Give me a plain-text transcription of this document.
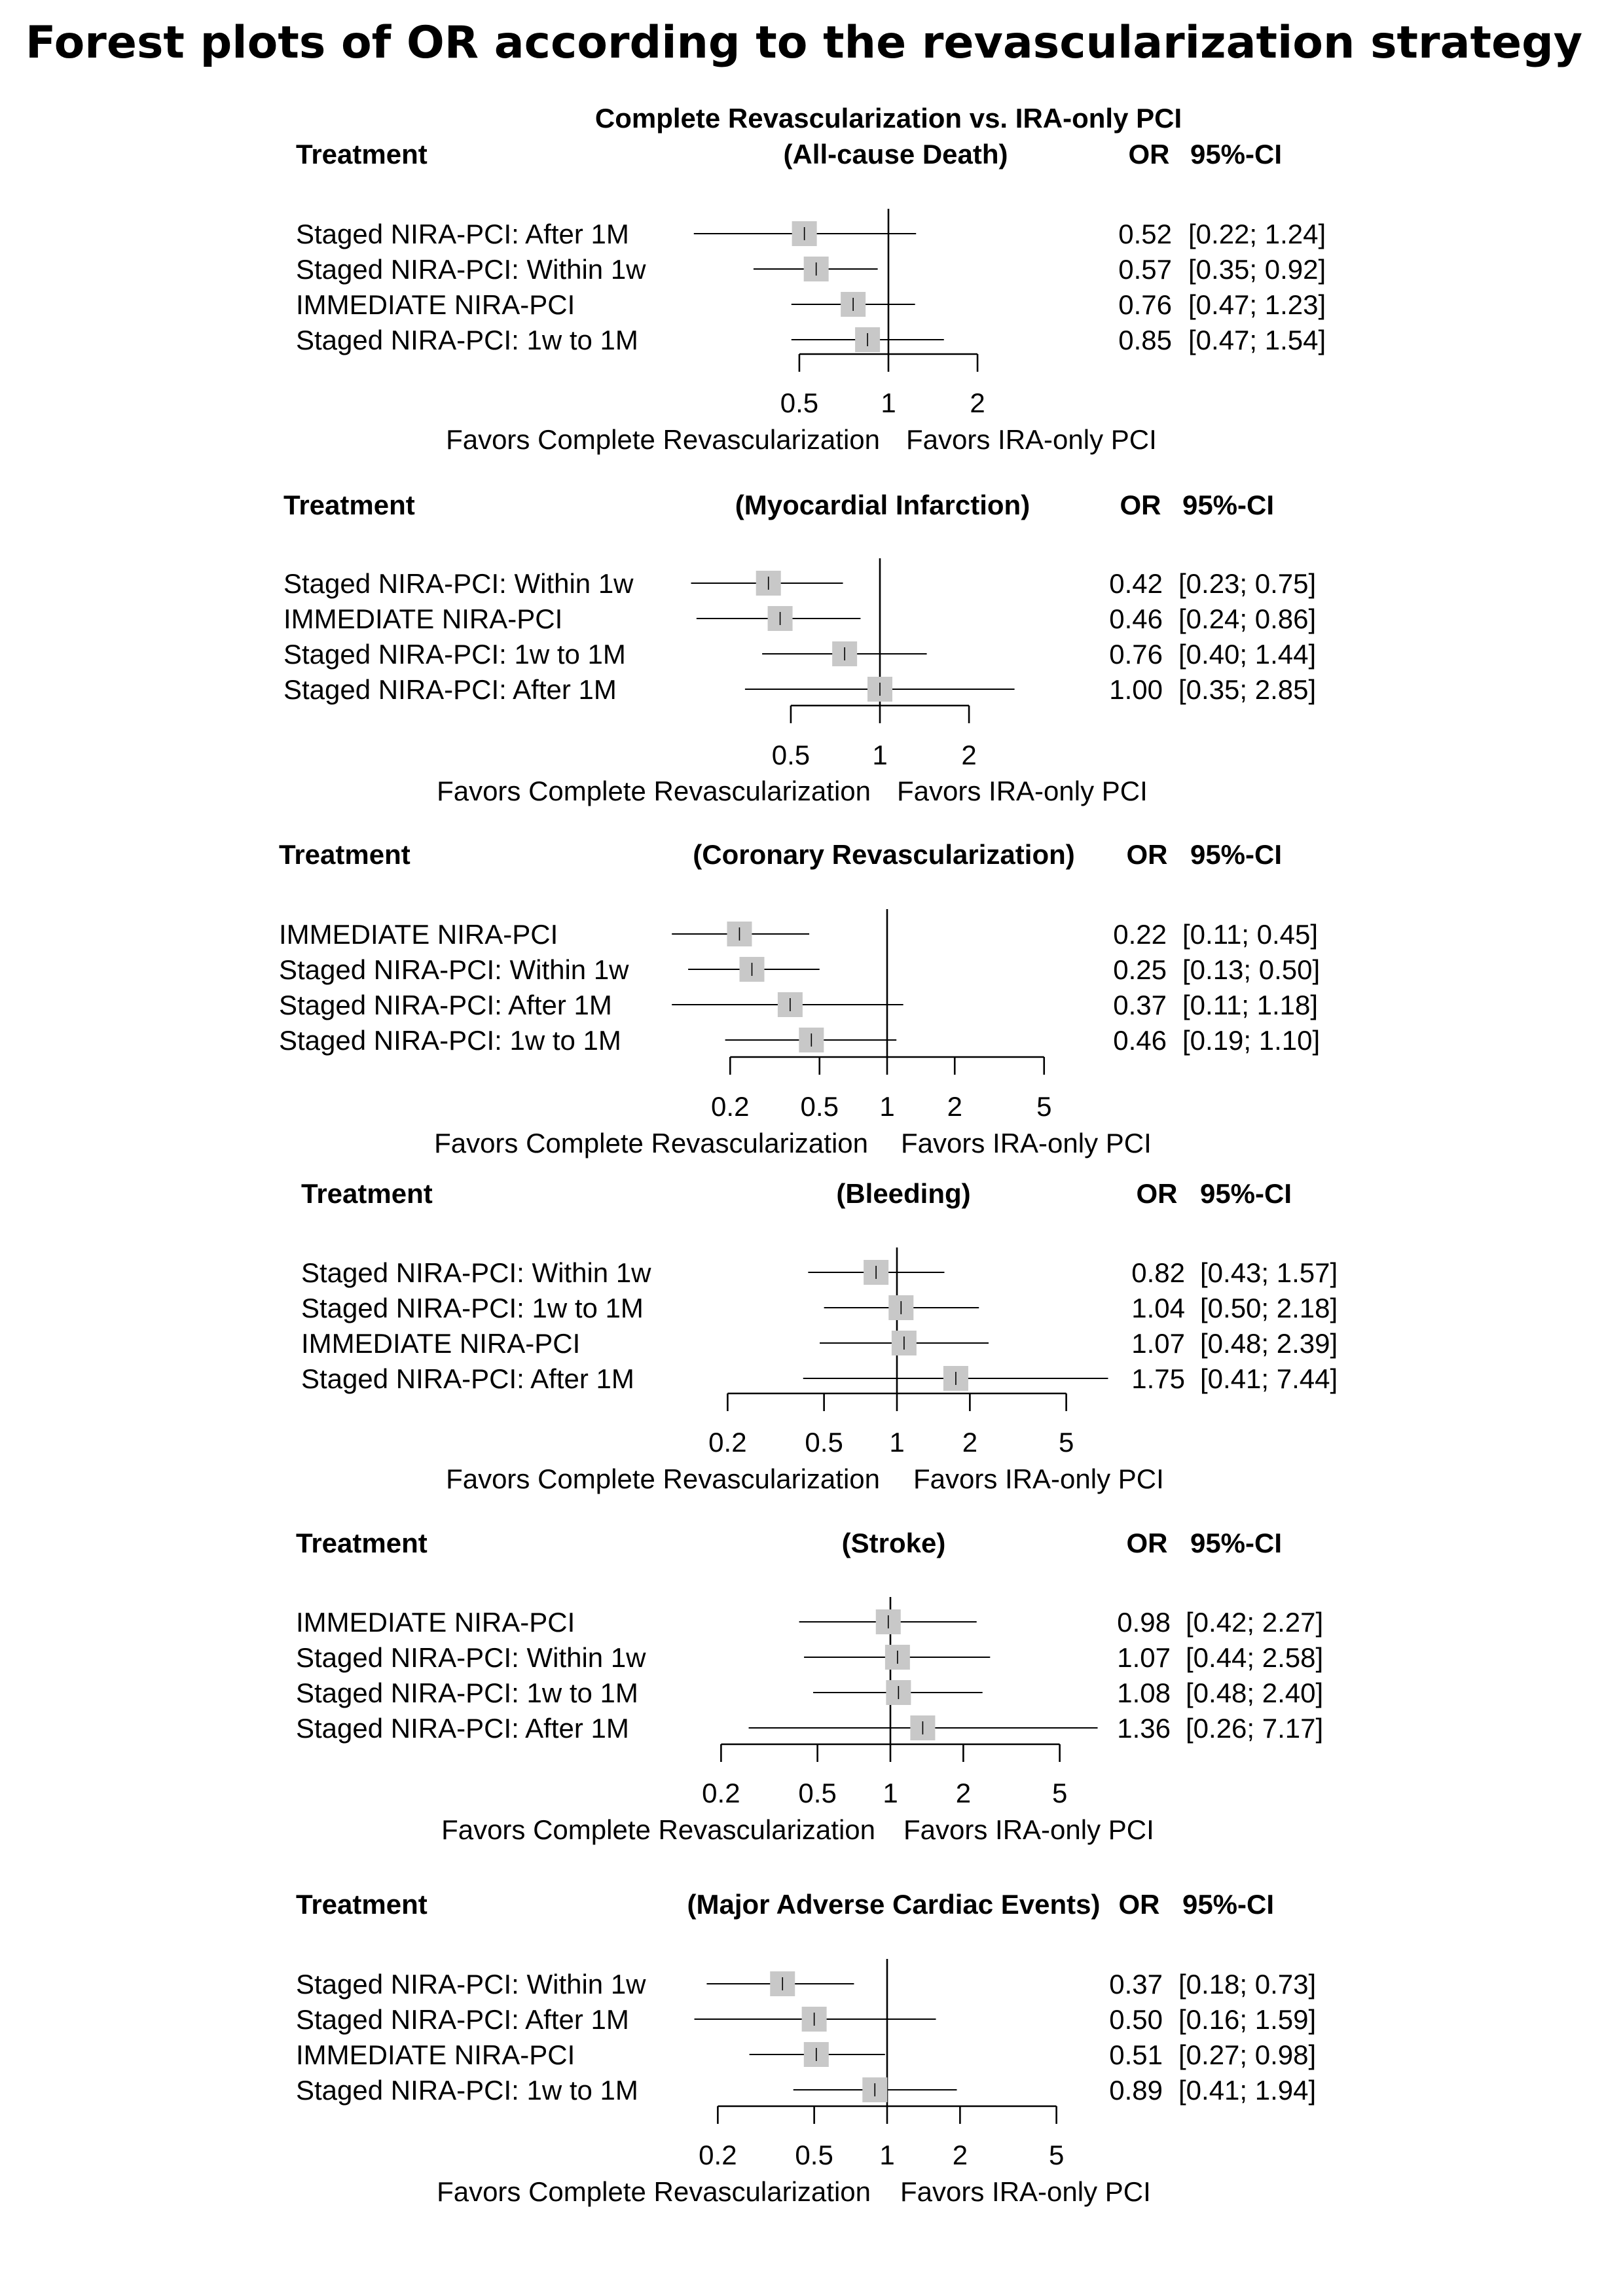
Forest plots of OR according to the revascularization strategy
Complete Revascularization vs. IRA-only PCI
Treatment	(All-cause Death)	OR 95%-CI
Staged NIRA-PCI: After 1M	0.52 [0.22; 1.24]
Staged NIRA-PCI: Within 1w	0.57 [0.35; 0.92]
IMMEDIATE NIRA-PCI	0.76 [0.47; 1.23]
Staged NIRA-PCI: 1w to 1M	0.85 [0.47; 1.54]
0.5 1	2
Favors Complete Revascularization Favors IRA-only PCI
Treatment	(Myocardial Infarction)	OR 95%-CI
Staged NIRA-PCI: Within 1w	0.42 [0.23; 0.75]
IMMEDIATE NIRA-PCI	0.46 [0.24; 0.86]
Staged NIRA-PCI: 1w to 1M	0.76 [0.40; 1.44]
Staged NIRA-PCI: After 1M	1.00 [0.35; 2.85]
0.5 1	2
Favors Complete Revascularization Favors IRA-only PCI
Treatment	(Coronary Revascularization) OR 95%-CI
IMMEDIATE NIRA-PCI	0.22 [0.11; 0.45]
Staged NIRA-PCI: Within 1w	0.25 [0.13; 0.50]
Staged NIRA-PCI: After 1M	0.37 [0.11; 1.18]
Staged NIRA-PCI: 1w to 1M	0.46 [0.19; 1.10]
0.2 0.5 1 2	5
Favors Complete Revascularization Favors IRA-only PCI
Treatment	(Bleeding)	OR 95%-CI
Staged NIRA-PCI: Within 1w	0.82 [0.43; 1.57]
Staged NIRA-PCI: 1w to 1M	1.04 [0.50; 2.18]
IMMEDIATE NIRA-PCI	1.07 [0.48; 2.39]
Staged NIRA-PCI: After 1M	1.75 [0.41; 7.44]
0.2 0.5 1 2	5
Favors Complete Revascularization Favors IRA-only PCI
Treatment	(Stroke)	OR 95%-CI
IMMEDIATE NIRA-PCI	0.98 [0.42; 2.27]
Staged NIRA-PCI: Within 1w	1.07 [0.44; 2.58]
Staged NIRA-PCI: 1w to 1M	1.08 [0.48; 2.40]
Staged NIRA-PCI: After 1M	1.36 [0.26; 7.17]
0.2 0.5 1 2	5
Favors Complete Revascularization Favors IRA-only PCI
Treatment	(Major Adverse Cardiac Events) OR 95%-CI
Staged NIRA-PCI: Within 1w	0.37 [0.18; 0.73]
Staged NIRA-PCI: After 1M	0.50 [0.16; 1.59]
IMMEDIATE NIRA-PCI	0.51 [0.27; 0.98]
Staged NIRA-PCI: 1w to 1M	0.89 [0.41; 1.94]
0.2 0.5 1 2	5
Favors Complete Revascularization Favors IRA-only PCI
